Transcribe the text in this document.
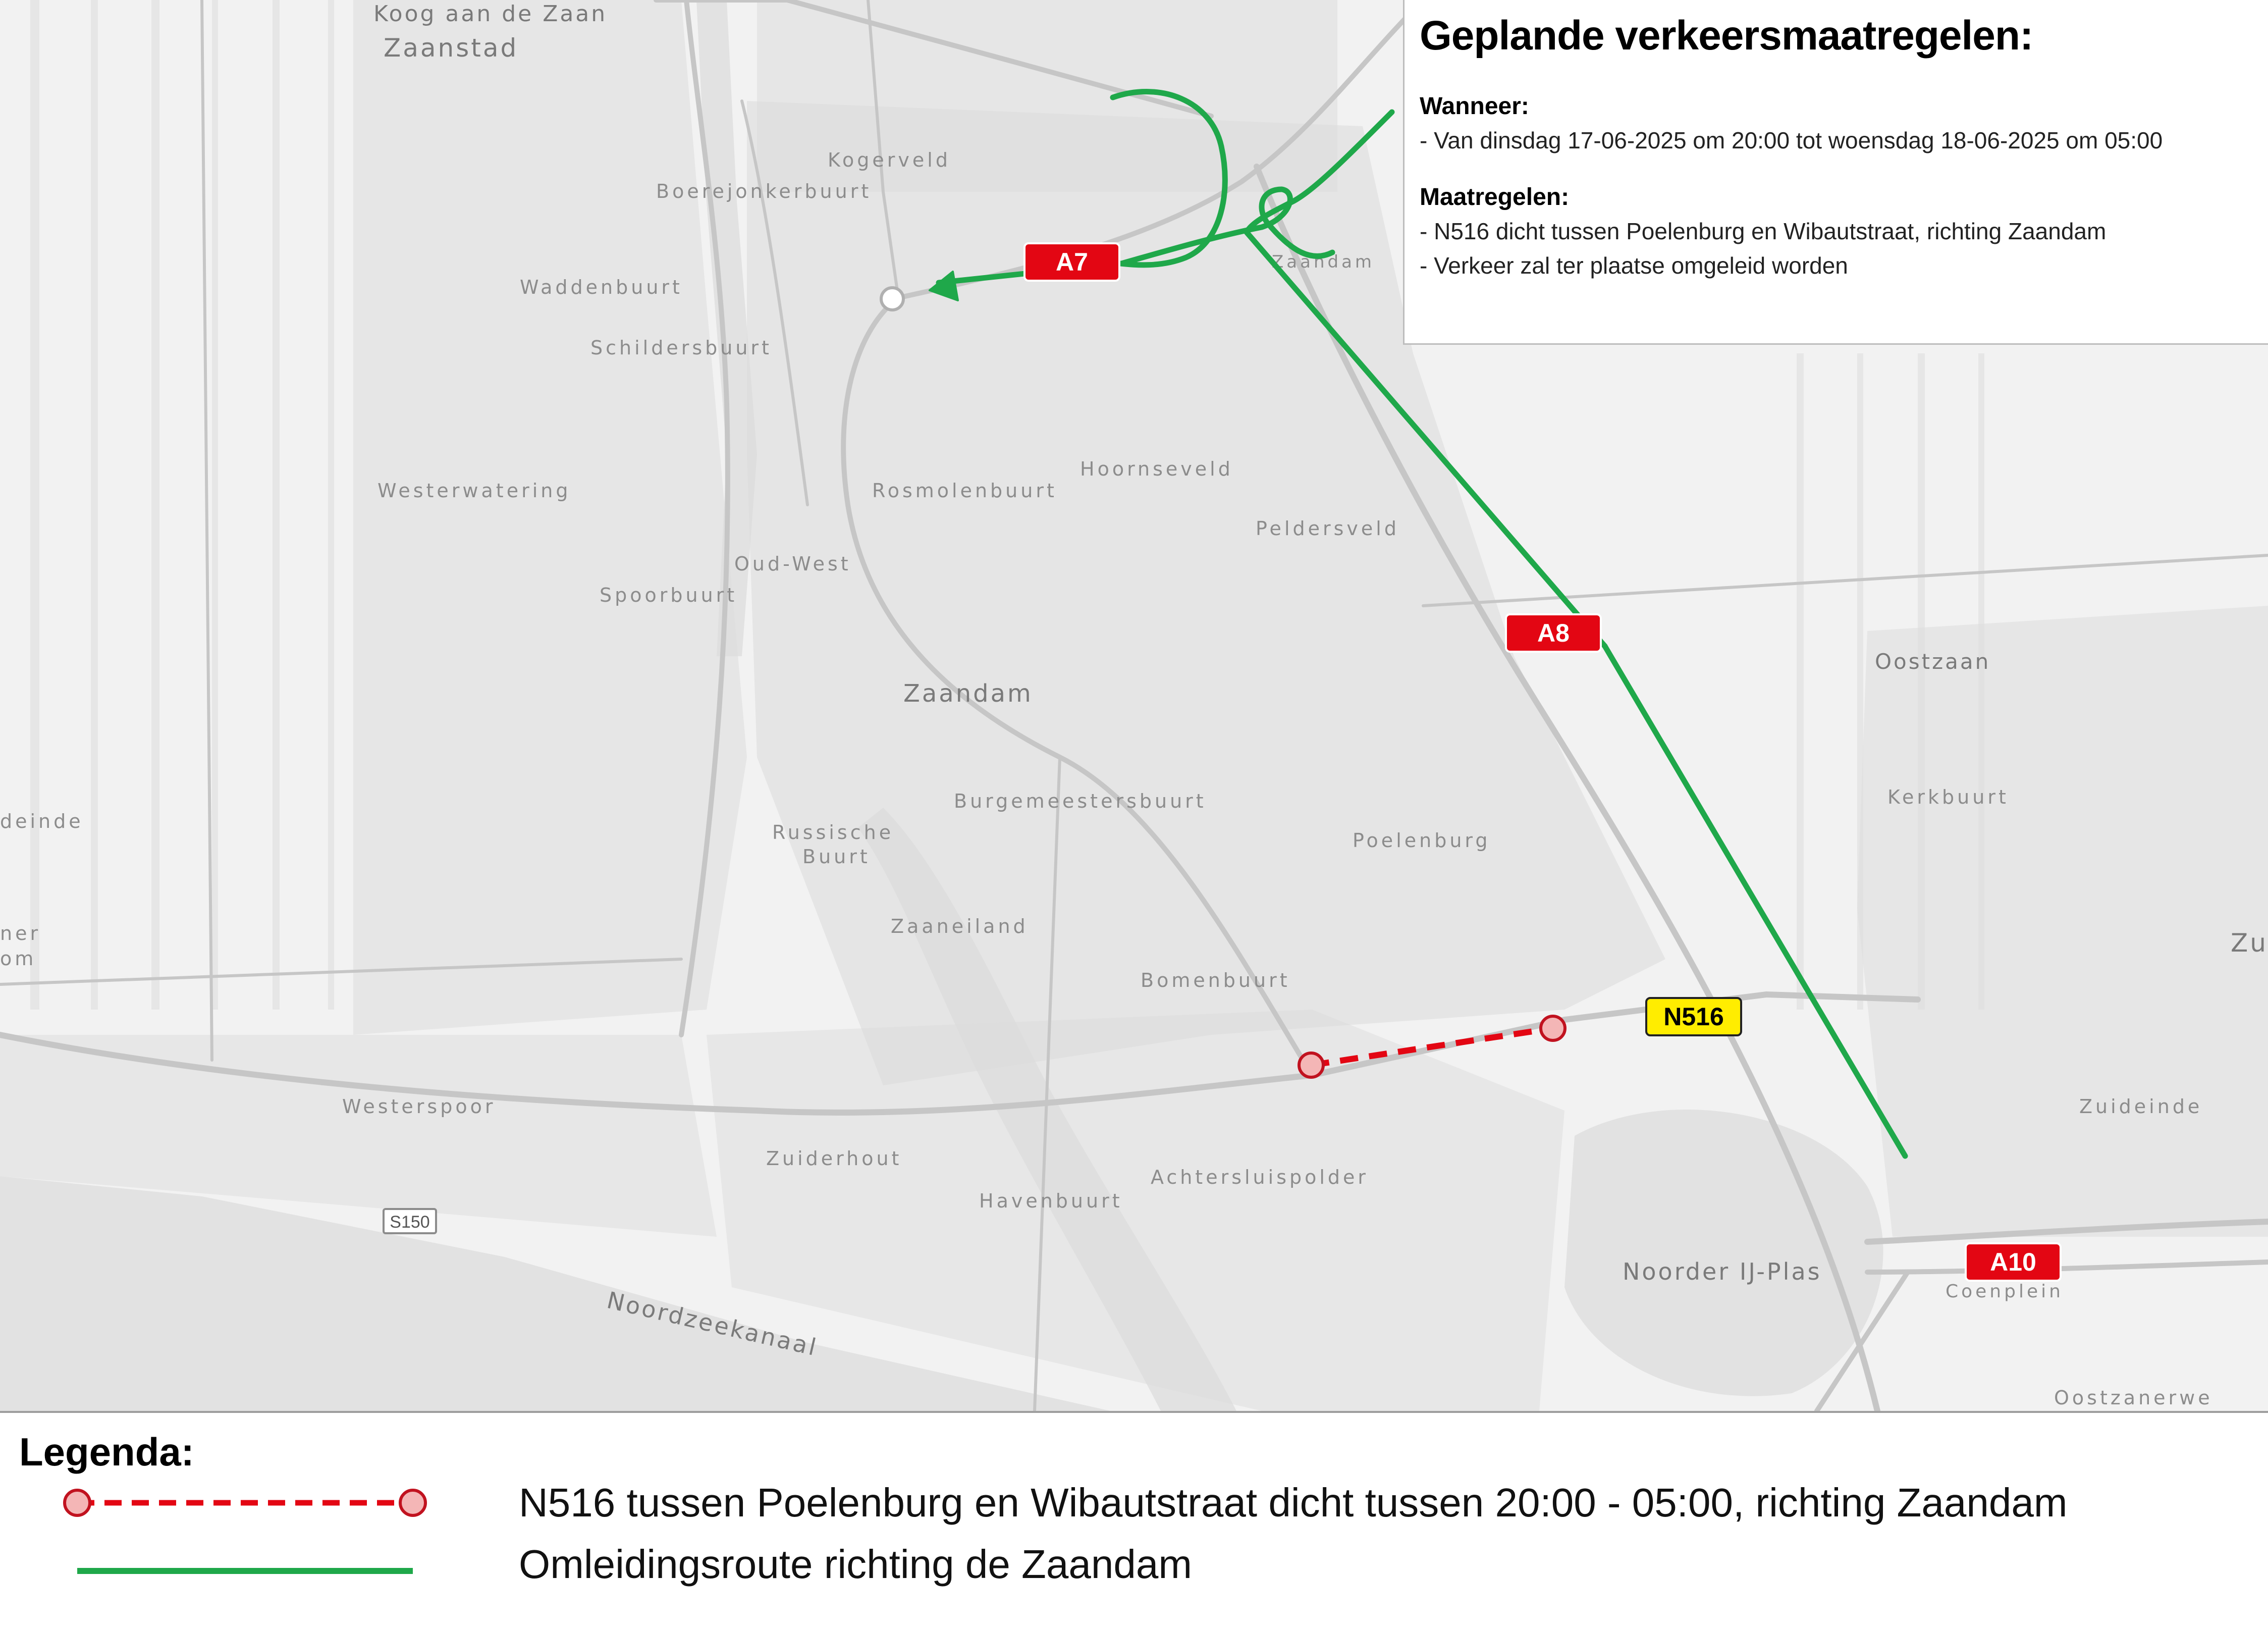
Koog aan de Zaan
Zaanstad
Kogerveld
Boerejonkerbuurt
Waddenbuurt
Schildersbuurt
Zaandam
Westerwatering	Rosmolenbuurt
Hoornseveld
Peldersveld
Oud-West
Spoorbuurt
Zaandam
Burgemeestersbuurt
Russische
Buurt
Poelenburg
Zaaneiland
Oostzaan
Kerkbuurt
Bomenbuurt
Westerspoor
Zuiderhout
Havenbuurt
Achtersluispolder
Noorder IJ-Plas
Coenplein
Zuideinde
Noordzeekanaal
Oostzanerwe
Zu
deinde
ner
om
S150
A7
A8
A10
N516
Geplande verkeersmaatregelen:

Wanneer:

- Van dinsdag 17-06-2025 om 20:00 tot woensdag 18-06-2025 om 05:00

Maatregelen:

- N516 dicht tussen Poelenburg en Wibautstraat, richting Zaandam

- Verkeer zal ter plaatse omgeleid worden

Legenda:

N516 tussen Poelenburg en Wibautstraat dicht tussen 20:00 - 05:00, richting Zaandam

Omleidingsroute richting de Zaandam
